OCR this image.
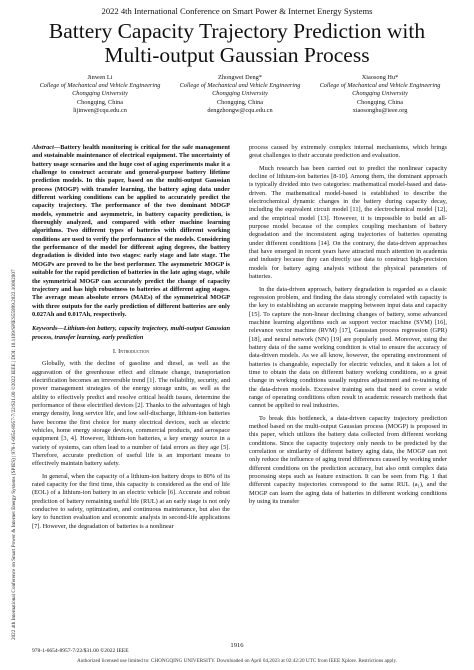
2022 4th International Conference on Smart Power & Internet Energy Systems
Battery Capacity Trajectory Prediction with Multi-output Gaussian Process
Jinwen Li
College of Mechanical and Vehicle Engineering
Chongqing University
Chongqing, China
lijinwen@cqu.edu.cn
Zhongwei Deng*
College of Mechanical and Vehicle Engineering
Chongqing University
Chongqing, China
dengzhongw@cqu.edu.cn
Xiaosong Hu*
College of Mechanical and Vehicle Engineering
Chongqing University
Chongqing, China
xiaosonghu@ieee.org

Abstract—Battery health monitoring is critical for the safe management and sustainable maintenance of electrical equipment. The uncertainty of battery usage scenarios and the huge cost of aging experiments make it a challenge to construct accurate and general-purpose battery lifetime prediction models. In this paper, based on the multi-output Gaussian process (MOGP) with transfer learning, the battery aging data under different working conditions can be applied to accurately predict the capacity trajectory. The performance of the two dominant MOGP models, symmetric and asymmetric, in battery capacity prediction, is thoroughly analyzed, and compared with other machine learning algorithms. Two different types of batteries with different working conditions are used to verify the performance of the models. Considering the performance of the model for different aging degrees, the battery degradation is divided into two stages: early stage and late stage. The MOGPs are proved to be the best performer. The asymmetric MOGP is suitable for the rapid prediction of batteries in the late aging stage, while the symmetrical MOGP can accurately predict the change of capacity trajectory and has high robustness to batteries at different aging stages. The average mean absolute errors (MAEs) of the symmetrical MOGP with three outputs for the early prediction of different batteries are only 0.027Ah and 0.017Ah, respectively.

Keywords—Lithium-ion battery, capacity trajectory, multi-output Gaussian process, transfer learning, early prediction

I. Introduction

Globally, with the decline of gasoline and diesel, as well as the aggravation of the greenhouse effect and climate change, transportation electrification becomes an irreversible trend [1]. The reliability, security, and power management strategies of the energy storage units, as well as the ability to effectively predict and resolve critical health issues, determine the performance of these electrified devices [2]. Thanks to the advantages of high energy density, long service life, and low self-discharge, lithium-ion batteries have become the first choice for many electrical devices, such as electric vehicles, home energy storage devices, commercial products, and aerospace equipment [3, 4]. However, lithium-ion batteries, a key energy source in a variety of systems, can often lead to a number of fatal errors as they age [5]. Therefore, accurate prediction of useful life is an important means to effectively maintain battery safety.

In general, when the capacity of a lithium-ion battery drops to 80% of its rated capacity for the first time, this capacity is considered as the end of life (EOL) of a lithium-ion battery in an electric vehicle [6]. Accurate and robust prediction of battery remaining useful life (RUL) at an early stage is not only conducive to safety, optimization, and continuous maintenance, but also the key to function evaluation and economic analysis in second-life applications [7]. However, the degradation of batteries is a nonlinear

process caused by extremely complex internal mechanisms, which brings great challenges to their accurate prediction and evaluation.

Much research has been carried out to predict the nonlinear capacity decline of lithium-ion batteries [8-10]. Among them, the dominant approach is typically divided into two categories: mathematical model-based and data-driven. The mathematical model-based is established to describe the electrochemical dynamic changes in the battery during capacity decay, including the equivalent circuit model [11], the electrochemical model [12], and the empirical model [13]. However, it is impossible to build an all-purpose model because of the complex coupling mechanism of battery degradation and the inconsistent aging trajectories of batteries operating under different conditions [14]. On the contrary, the data-driven approaches that have emerged in recent years have attracted much attention in academia and industry because they can directly use data to construct high-precision models for battery aging analysis without the physical parameters of batteries.

In the data-driven approach, battery degradation is regarded as a classic regression problem, and finding the data strongly correlated with capacity is the key to establishing an accurate mapping between input data and capacity [15]. To capture the non-linear declining changes of battery, some advanced machine learning algorithms such as support vector machine (SVM) [16], relevance vector machine (RVM) [17], Gaussian process regression (GPR) [18], and neural network (NN) [19] are popularly used. Moreover, using the battery data of the same working condition is vital to ensure the accuracy of data-driven models. As we all know, however, the operating environment of batteries is changeable, especially for electric vehicles, and it takes a lot of time to obtain the data on different battery working conditions, so a great change in working conditions usually requires adjustment and re-training of the data-driven models. Excessive training sets that need to cover a wide range of operating conditions often result in academic research methods that cannot be applied to real industries.

To break this bottleneck, a data-driven capacity trajectory prediction method based on the multi-output Gaussian process (MOGP) is proposed in this paper, which utilizes the battery data collected from different working conditions. Since the capacity trajectory only needs to be predicted by the correlation or similarity of different battery aging data, the MOGP can not only reduce the influence of aging trend differences caused by working under different conditions on the prediction accuracy, but also omit complex data processing steps such as feature extraction. It can be seen from Fig. 1 that different capacity trajectories correspond to the same RUL (a₁), and the MOGP can learn the aging data of batteries in different working conditions by using its transfer

2022 4th International Conference on Smart Power & Internet Energy Systems (SPIES) | 978-1-6654-8957-7/22/$31.00 ©2022 IEEE | DOI: 10.1109/SPIES55999.2022.10082007
978-1-6654-8957-7/22/$31.00 ©2022 IEEE
1916
Authorized licensed use limited to: CHONGQING UNIVERSITY. Downloaded on April 04,2023 at 02:42:20 UTC from IEEE Xplore. Restrictions apply.
